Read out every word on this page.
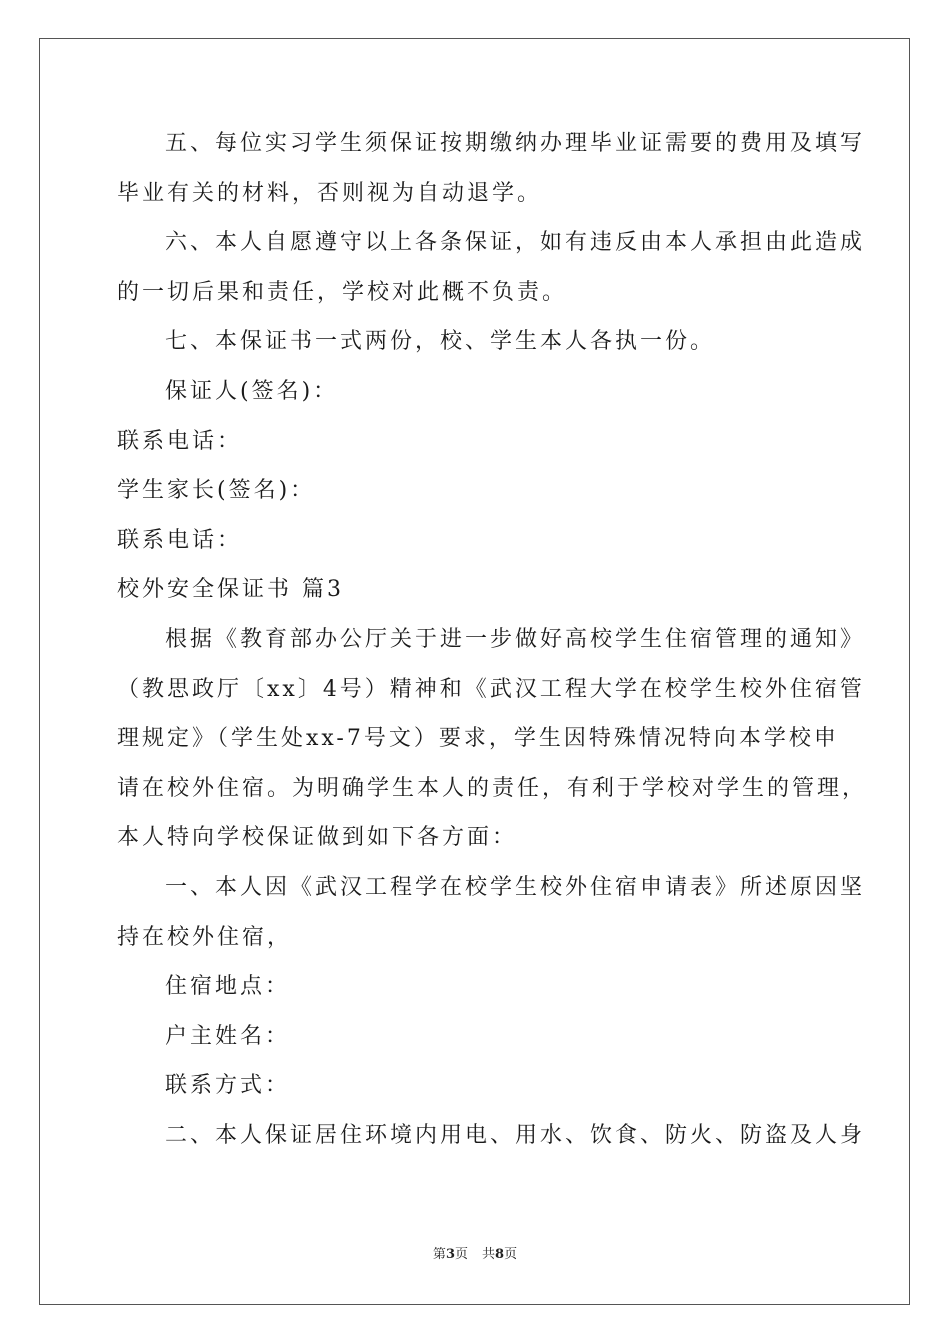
五、每位实习学生须保证按期缴纳办理毕业证需要的费用及填写
毕业有关的材料，否则视为自动退学。
六、本人自愿遵守以上各条保证，如有违反由本人承担由此造成
的一切后果和责任，学校对此概不负责。
七、本保证书一式两份，校、学生本人各执一份。
保证人(签名)：
联系电话：
学生家长(签名)：
联系电话：
校外安全保证书 篇3
根据《教育部办公厅关于进一步做好高校学生住宿管理的通知》
（教思政厅〔xx〕4号）精神和《武汉工程大学在校学生校外住宿管
理规定》（学生处xx-7号文）要求，学生因特殊情况特向本学校申
请在校外住宿。为明确学生本人的责任，有利于学校对学生的管理，
本人特向学校保证做到如下各方面：
一、本人因《武汉工程学在校学生校外住宿申请表》所述原因坚
持在校外住宿，
住宿地点：
户主姓名：
联系方式：
二、本人保证居住环境内用电、用水、饮食、防火、防盗及人身
第3页 共8页
